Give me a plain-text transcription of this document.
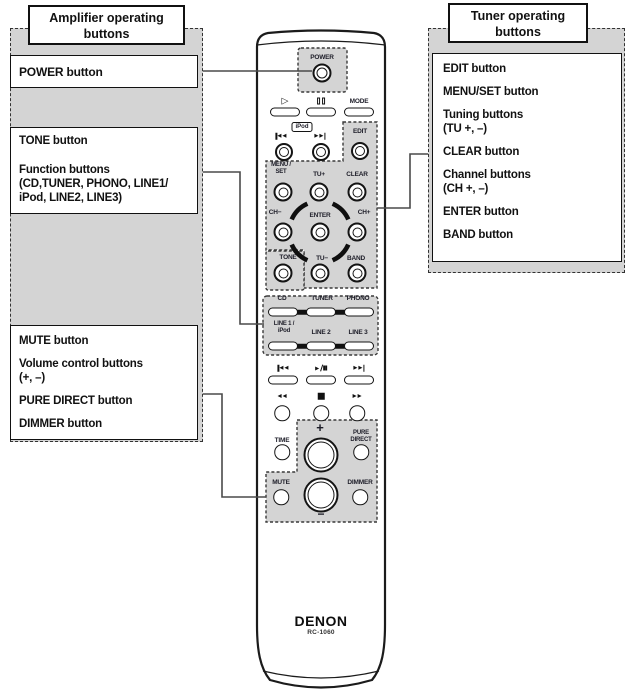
Amplifier operating
buttons
POWER button
TONE button
Function buttons
(CD,TUNER, PHONO, LINE1/
iPod, LINE2, LINE3)
MUTE button
Volume control buttons
(+, –)
PURE DIRECT button
DIMMER button
Tuner operating
buttons
EDIT button
MENU/SET button
Tuning buttons
(TU +, –)
CLEAR button
Channel buttons
(CH +, –)
ENTER button
BAND button
POWER
▷	MODE
iPod
EDIT
MENU /
SET	TU+	CLEAR
CH−	ENTER	CH+
TONE	TU−	BAND
CD	TUNER PHONO
LINE 1 /
iPod	LINE 2	LINE 3
+
TIME
PURE
DIRECT
MUTE	DIMMER
−
DENON
RC-1060
